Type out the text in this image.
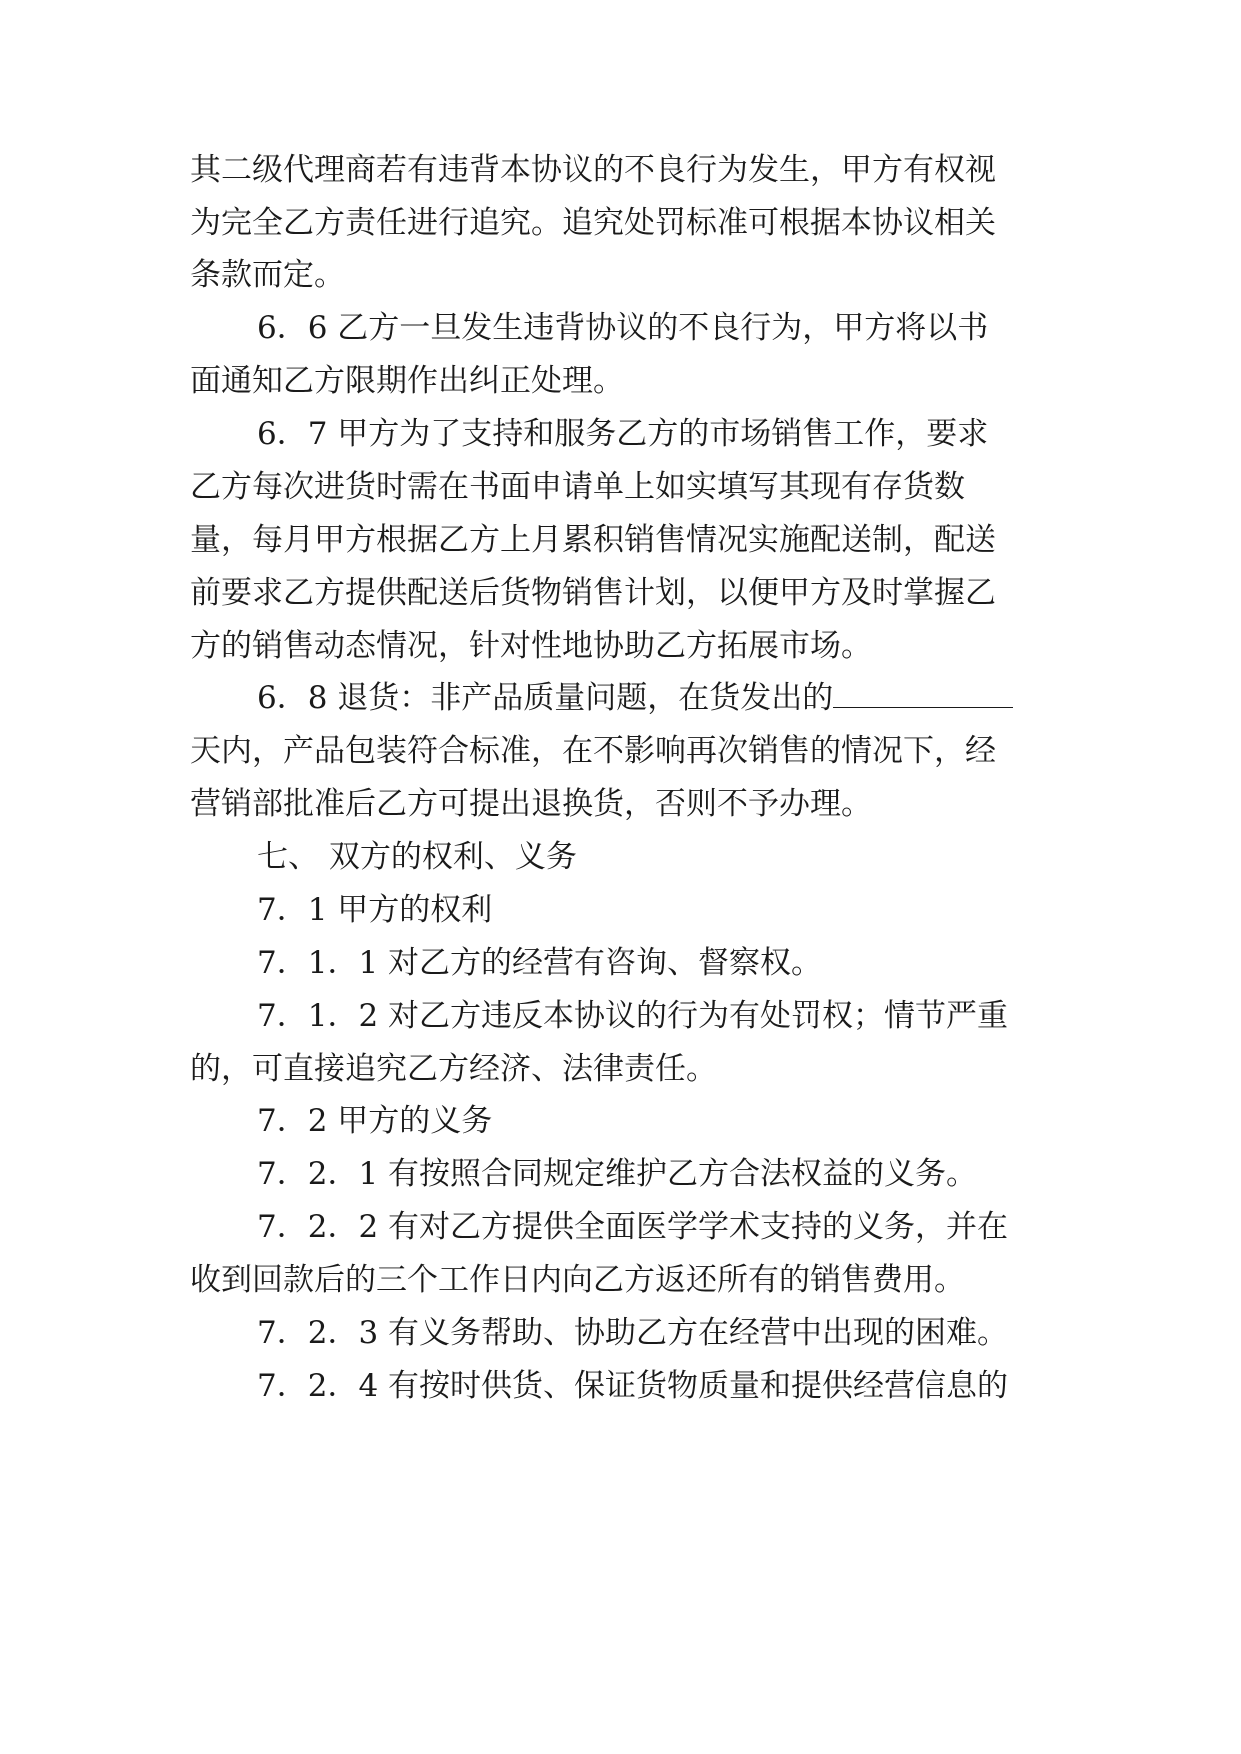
其二级代理商若有违背本协议的不良行为发生，甲方有权视
为完全乙方责任进行追究。追究处罚标准可根据本协议相关
条款而定。
6．6 乙方一旦发生违背协议的不良行为，甲方将以书
面通知乙方限期作出纠正处理。
6．7 甲方为了支持和服务乙方的市场销售工作，要求
乙方每次进货时需在书面申请单上如实填写其现有存货数
量，每月甲方根据乙方上月累积销售情况实施配送制，配送
前要求乙方提供配送后货物销售计划，以便甲方及时掌握乙
方的销售动态情况，针对性地协助乙方拓展市场。
6．8 退货：非产品质量问题，在货发出的
天内，产品包装符合标准，在不影响再次销售的情况下，经
营销部批准后乙方可提出退换货，否则不予办理。
七、 双方的权利、义务
7．1 甲方的权利
7．1．1 对乙方的经营有咨询、督察权。
7．1．2 对乙方违反本协议的行为有处罚权；情节严重
的，可直接追究乙方经济、法律责任。
7．2 甲方的义务
7．2．1 有按照合同规定维护乙方合法权益的义务。
7．2．2 有对乙方提供全面医学学术支持的义务，并在
收到回款后的三个工作日内向乙方返还所有的销售费用。
7．2．3 有义务帮助、协助乙方在经营中出现的困难。
7．2．4 有按时供货、保证货物质量和提供经营信息的
